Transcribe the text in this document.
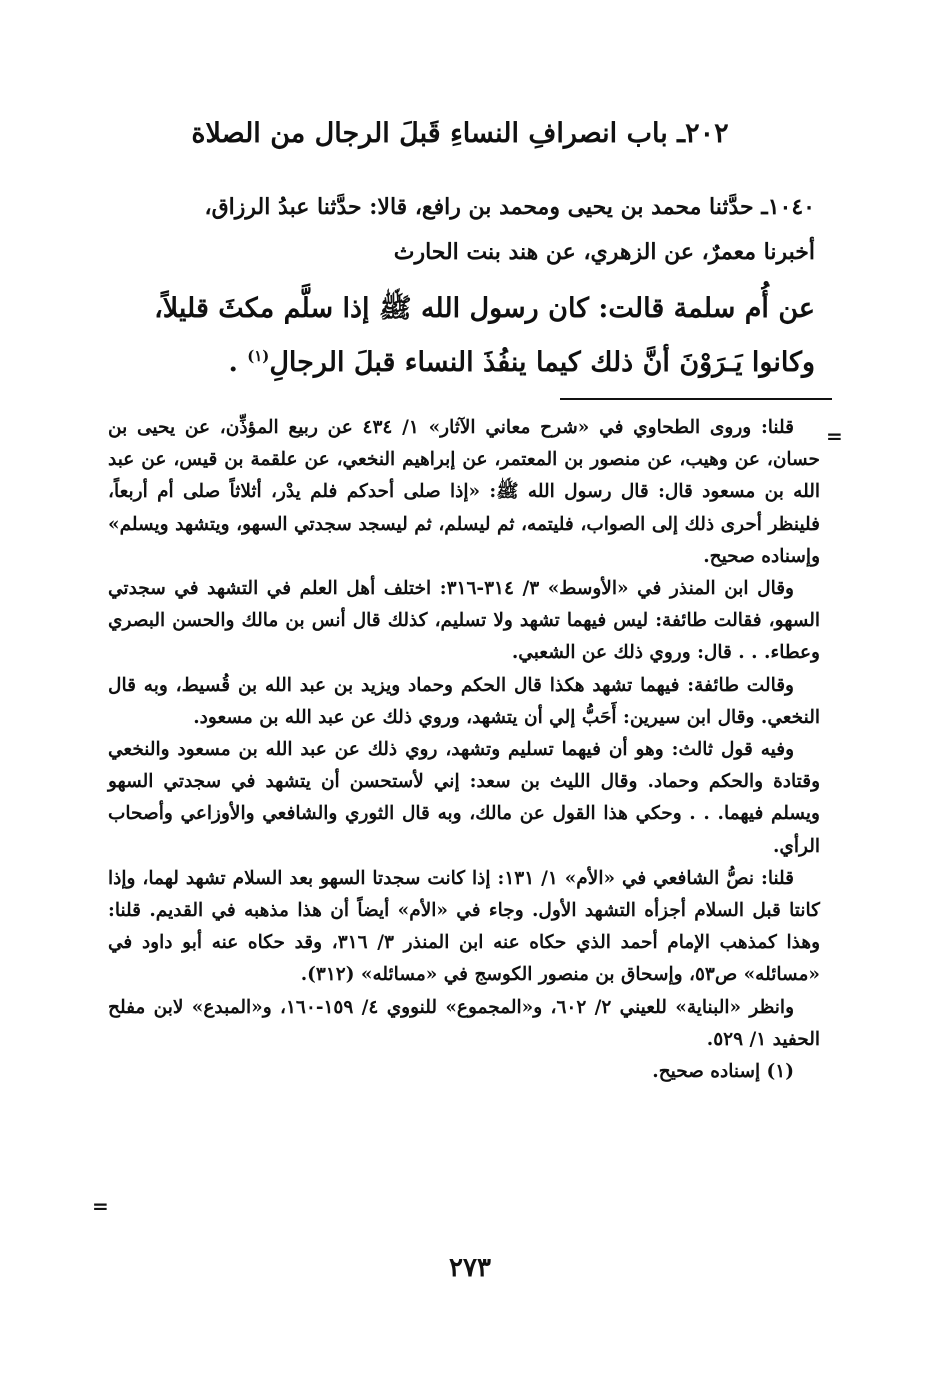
٢٠٢ـ باب انصرافِ النساءِ قَبلَ الرجال من الصلاة
١٠٤٠ـ حدَّثنا محمد بن يحيى ومحمد بن رافع، قالا: حدَّثنا عبدُ الرزاق،
أخبرنا معمرٌ، عن الزهري، عن هند بنت الحارث
عن أُم سلمة قالت: كان رسول الله ﷺ إذا سلَّم مكثَ قليلاً،
وكانوا يَـرَوْنَ أنَّ ذلك كيما ينفُذَ النساء قبلَ الرجالِ$^{(١)}$ .
=

قلنا: وروى الطحاوي في «شرح معاني الآثار» ١/ ٤٣٤ عن ربيع المؤذِّن، عن يحيى بن حسان، عن وهيب، عن منصور بن المعتمر، عن إبراهيم النخعي، عن علقمة بن قيس، عن عبد الله بن مسعود قال: قال رسول الله ﷺ: «إذا صلى أحدكم فلم يدْر، أثلاثاً صلى أم أربعاً، فلينظر أحرى ذلك إلى الصواب، فليتمه، ثم ليسلم، ثم ليسجد سجدتي السهو، ويتشهد ويسلم» وإسناده صحيح.

وقال ابن المنذر في «الأوسط» ٣/ ٣١٤-٣١٦: اختلف أهل العلم في التشهد في سجدتي السهو، فقالت طائفة: ليس فيهما تشهد ولا تسليم، كذلك قال أنس بن مالك والحسن البصري وعطاء. . . قال: وروي ذلك عن الشعبي.

وقالت طائفة: فيهما تشهد هكذا قال الحكم وحماد ويزيد بن عبد الله بن قُسيط، وبه قال النخعي. وقال ابن سيرين: أَحَبُّ إلي أن يتشهد، وروي ذلك عن عبد الله بن مسعود.

وفيه قول ثالث: وهو أن فيهما تسليم وتشهد، روي ذلك عن عبد الله بن مسعود والنخعي وقتادة والحكم وحماد. وقال الليث بن سعد: إني لأستحسن أن يتشهد في سجدتي السهو ويسلم فيهما. . . وحكي هذا القول عن مالك، وبه قال الثوري والشافعي والأوزاعي وأصحاب الرأي.

قلنا: نصُّ الشافعي في «الأم» ١/ ١٣١: إذا كانت سجدتا السهو بعد السلام تشهد لهما، وإذا كانتا قبل السلام أجزأه التشهد الأول. وجاء في «الأم» أيضاً أن هذا مذهبه في القديم. قلنا: وهذا كمذهب الإمام أحمد الذي حكاه عنه ابن المنذر ٣/ ٣١٦، وقد حكاه عنه أبو داود في «مسائله» ص٥٣، وإسحاق بن منصور الكوسج في «مسائله» (٣١٢).

وانظر «البناية» للعيني ٢/ ٦٠٢، و«المجموع» للنووي ٤/ ١٥٩-١٦٠، و«المبدع» لابن مفلح الحفيد ١/ ٥٢٩.

(١) إسناده صحيح.

=
٢٧٣
